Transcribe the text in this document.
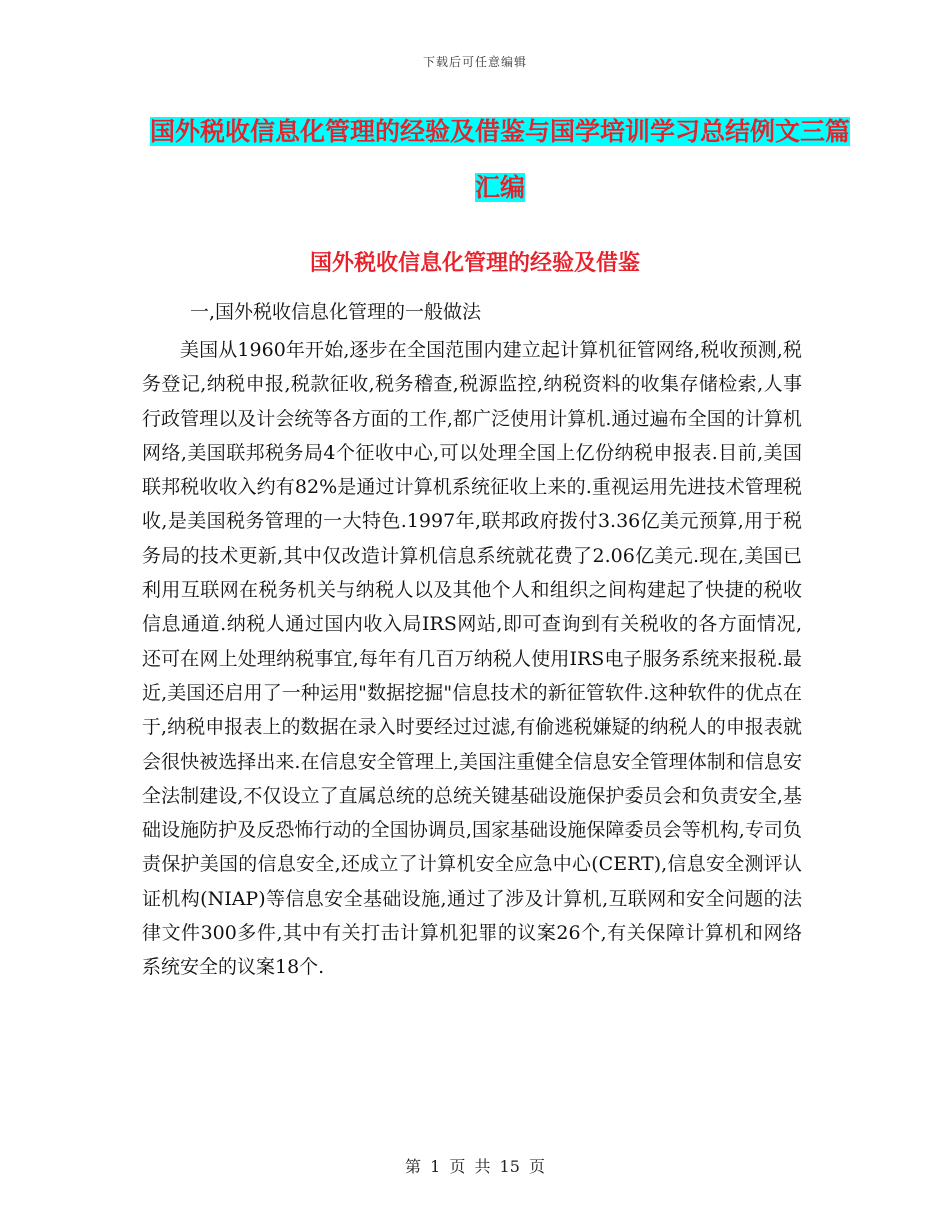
下载后可任意编辑
国外税收信息化管理的经验及借鉴与国学培训学习总结例文三篇汇编
国外税收信息化管理的经验及借鉴
一,国外税收信息化管理的一般做法

美国从1960年开始,逐步在全国范围内建立起计算机征管网络,税收预测,税务登记,纳税申报,税款征收,税务稽查,税源监控,纳税资料的收集存储检索,人事行政管理以及计会统等各方面的工作,都广泛使用计算机.通过遍布全国的计算机网络,美国联邦税务局4个征收中心,可以处理全国上亿份纳税申报表.目前,美国联邦税收收入约有82%是通过计算机系统征收上来的.重视运用先进技术管理税收,是美国税务管理的一大特色.1997年,联邦政府拨付3.36亿美元预算,用于税务局的技术更新,其中仅改造计算机信息系统就花费了2.06亿美元.现在,美国已利用互联网在税务机关与纳税人以及其他个人和组织之间构建起了快捷的税收信息通道.纳税人通过国内收入局IRS网站,即可查询到有关税收的各方面情况,还可在网上处理纳税事宜,每年有几百万纳税人使用IRS电子服务系统来报税.最近,美国还启用了一种运用"数据挖掘"信息技术的新征管软件.这种软件的优点在于,纳税申报表上的数据在录入时要经过过滤,有偷逃税嫌疑的纳税人的申报表就会很快被选择出来.在信息安全管理上,美国注重健全信息安全管理体制和信息安全法制建设,不仅设立了直属总统的总统关键基础设施保护委员会和负责安全,基础设施防护及反恐怖行动的全国协调员,国家基础设施保障委员会等机构,专司负责保护美国的信息安全,还成立了计算机安全应急中心(CERT),信息安全测评认证机构(NIAP)等信息安全基础设施,通过了涉及计算机,互联网和安全问题的法律文件300多件,其中有关打击计算机犯罪的议案26个,有关保障计算机和网络系统安全的议案18个.

第 1 页 共 15 页
